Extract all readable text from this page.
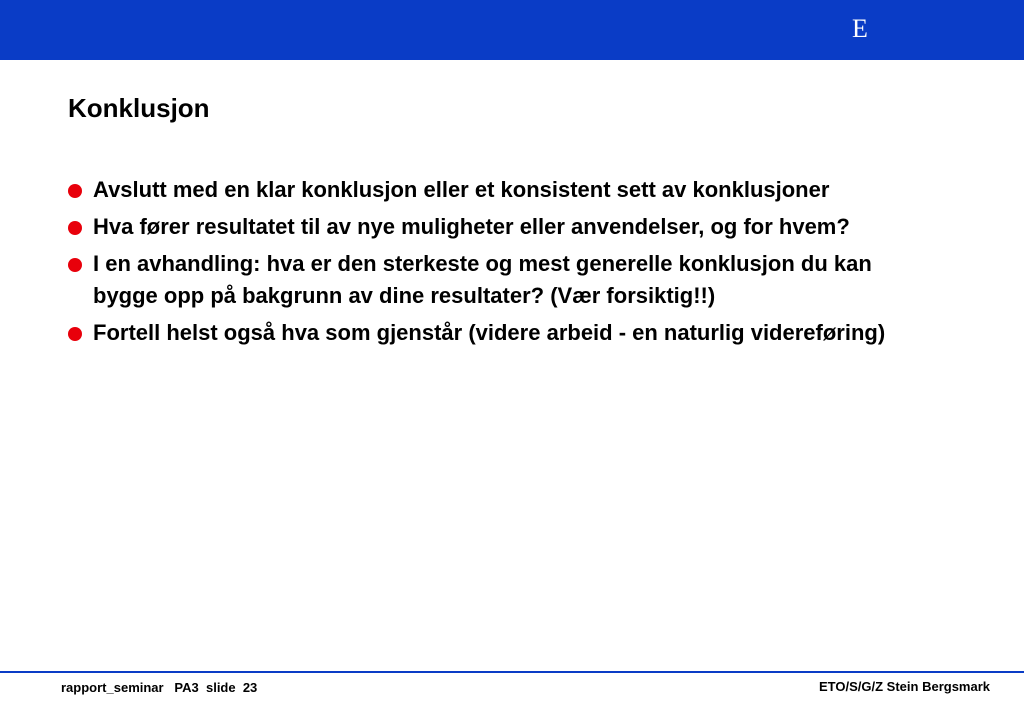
E
Konklusjon
Avslutt med en klar konklusjon eller et konsistent sett av konklusjoner
Hva fører resultatet til av nye muligheter eller anvendelser, og for hvem?
I en avhandling: hva er den sterkeste og mest generelle konklusjon du kan bygge opp på bakgrunn av dine resultater? (Vær forsiktig!!)
Fortell helst også hva som gjenstår (videre arbeid - en naturlig videreføring)
rapport_seminar   PA3  slide  23	ETO/S/G/Z Stein Bergsmark
